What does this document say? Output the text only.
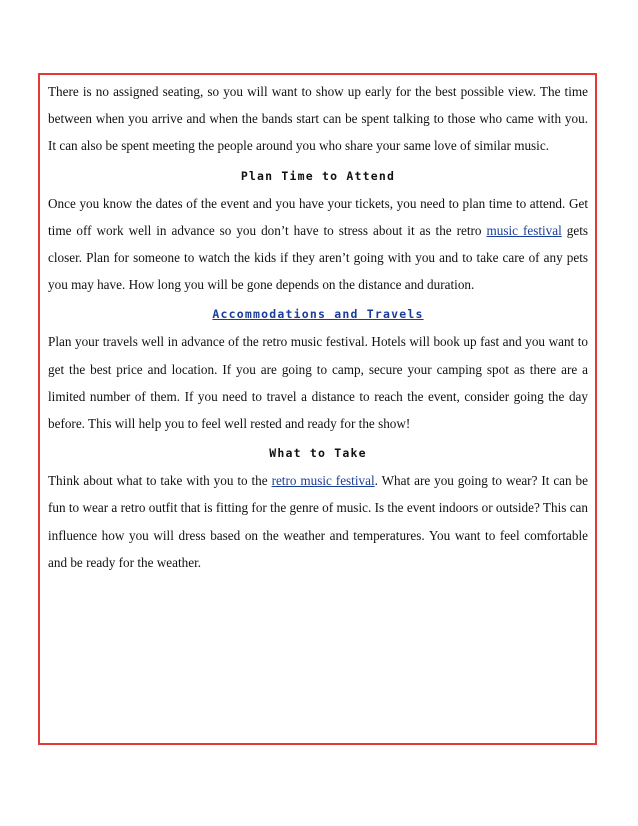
There is no assigned seating, so you will want to show up early for the best possible view. The time between when you arrive and when the bands start can be spent talking to those who came with you. It can also be spent meeting the people around you who share your same love of similar music.

Plan Time to Attend

Once you know the dates of the event and you have your tickets, you need to plan time to attend. Get time off work well in advance so you don’t have to stress about it as the retro music festival gets closer. Plan for someone to watch the kids if they aren’t going with you and to take care of any pets you may have. How long you will be gone depends on the distance and duration.

Accommodations and Travels

Plan your travels well in advance of the retro music festival. Hotels will book up fast and you want to get the best price and location. If you are going to camp, secure your camping spot as there are a limited number of them. If you need to travel a distance to reach the event, consider going the day before. This will help you to feel well rested and ready for the show!

What to Take

Think about what to take with you to the retro music festival. What are you going to wear? It can be fun to wear a retro outfit that is fitting for the genre of music. Is the event indoors or outside? This can influence how you will dress based on the weather and temperatures. You want to feel comfortable and be ready for the weather.
